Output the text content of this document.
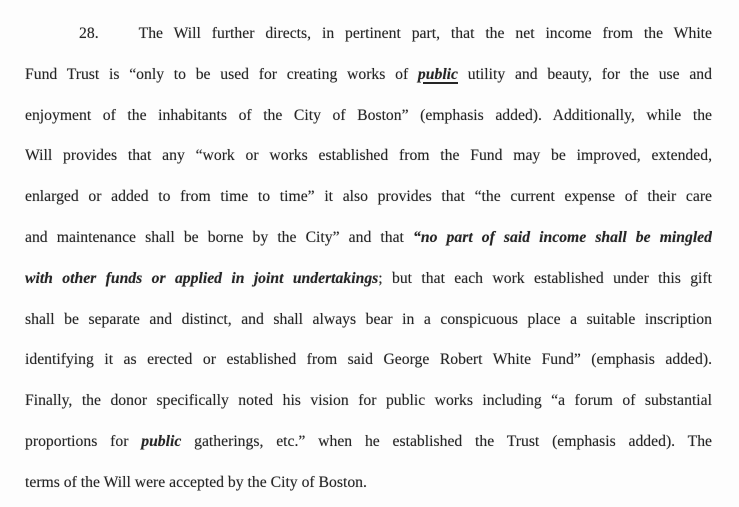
28.	The Will further directs, in pertinent part, that the net income from the White
Fund Trust is “only to be used for creating works of public utility and beauty, for the use and
enjoyment of the inhabitants of the City of Boston” (emphasis added). Additionally, while the
Will provides that any “work or works established from the Fund may be improved, extended,
enlarged or added to from time to time” it also provides that “the current expense of their care
and maintenance shall be borne by the City” and that “no part of said income shall be mingled
with other funds or applied in joint undertakings; but that each work established under this gift
shall be separate and distinct, and shall always bear in a conspicuous place a suitable inscription
identifying it as erected or established from said George Robert White Fund” (emphasis added).
Finally, the donor specifically noted his vision for public works including “a forum of substantial
proportions for public gatherings, etc.” when he established the Trust (emphasis added). The
terms of the Will were accepted by the City of Boston.
